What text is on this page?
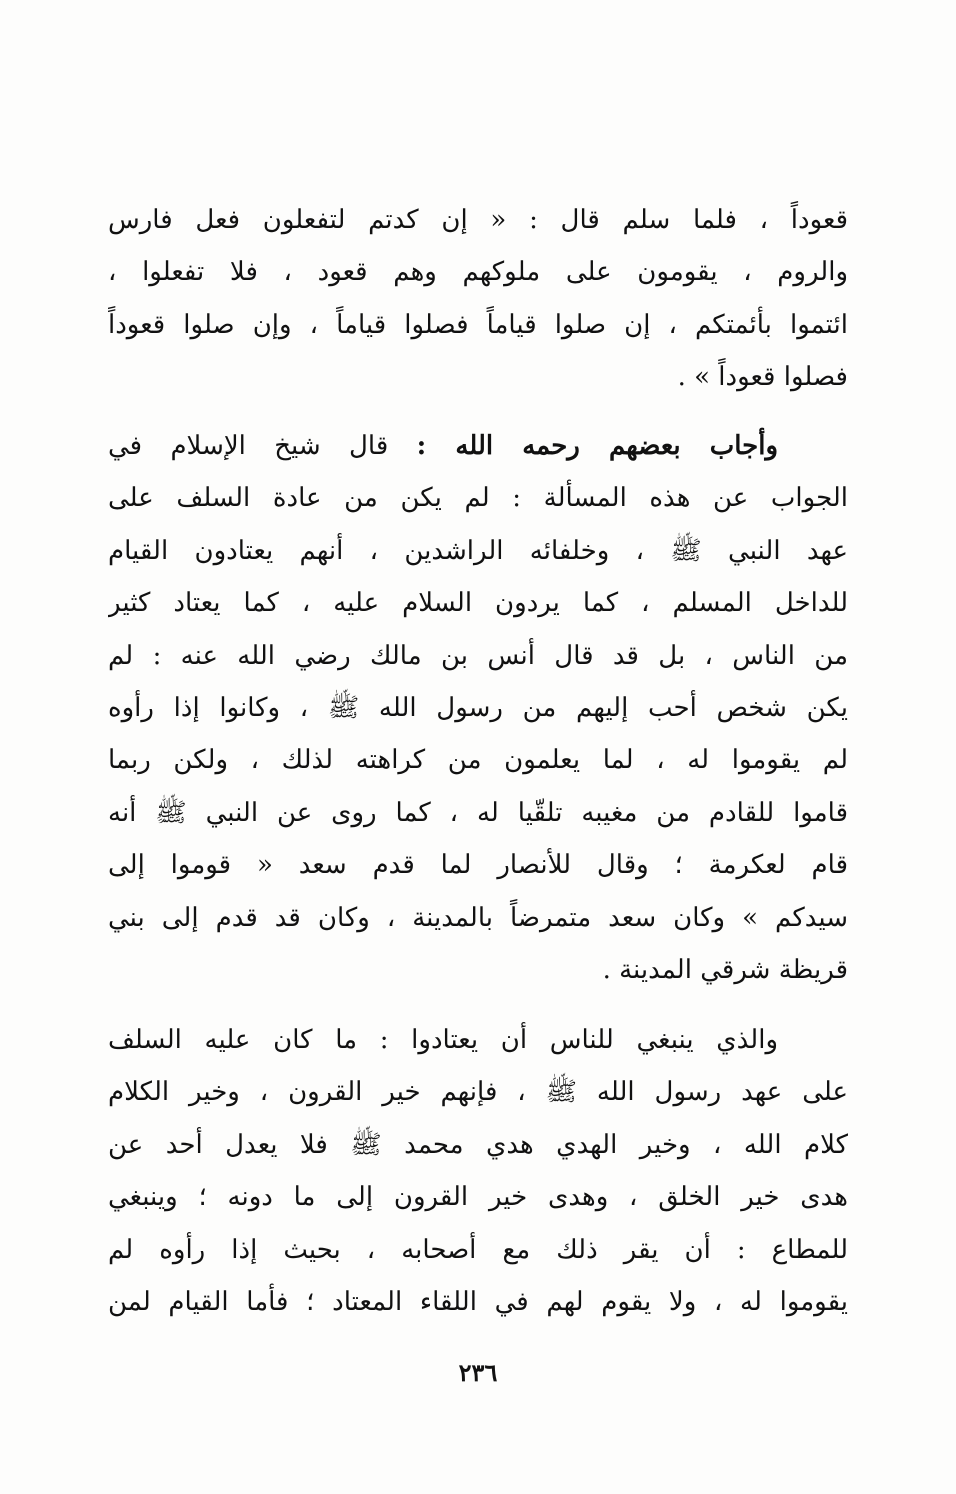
قعوداً ، فلما سلم قال : « إن كدتم لتفعلون فعل فارس
والروم ، يقومون على ملوكهم وهم قعود ، فلا تفعلوا ،
ائتموا بأئمتكم ، إن صلوا قياماً فصلوا قياماً ، وإن صلوا قعوداً
فصلوا قعوداً » .
وأجاب بعضهم رحمه الله : قال شيخ الإسلام في
الجواب عن هذه المسألة : لم يكن من عادة السلف على
عهد النبي ﷺ ، وخلفائه الراشدين ، أنهم يعتادون القيام
للداخل المسلم ، كما يردون السلام عليه ، كما يعتاد كثير
من الناس ، بل قد قال أنس بن مالك رضي الله عنه : لم
يكن شخص أحب إليهم من رسول الله ﷺ ، وكانوا إذا رأوه
لم يقوموا له ، لما يعلمون من كراهته لذلك ، ولكن ربما
قاموا للقادم من مغيبه تلقّيا له ، كما روى عن النبي ﷺ أنه
قام لعكرمة ؛ وقال للأنصار لما قدم سعد « قوموا إلى
سيدكم » وكان سعد متمرضاً بالمدينة ، وكان قد قدم إلى بني
قريظة شرقي المدينة .
والذي ينبغي للناس أن يعتادوا : ما كان عليه السلف
على عهد رسول الله ﷺ ، فإنهم خير القرون ، وخير الكلام
كلام الله ، وخير الهدي هدي محمد ﷺ فلا يعدل أحد عن
هدى خير الخلق ، وهدى خير القرون إلى ما دونه ؛ وينبغي
للمطاع : أن يقر ذلك مع أصحابه ، بحيث إذا رأوه لم
يقوموا له ، ولا يقوم لهم في اللقاء المعتاد ؛ فأما القيام لمن
٢٣٦
